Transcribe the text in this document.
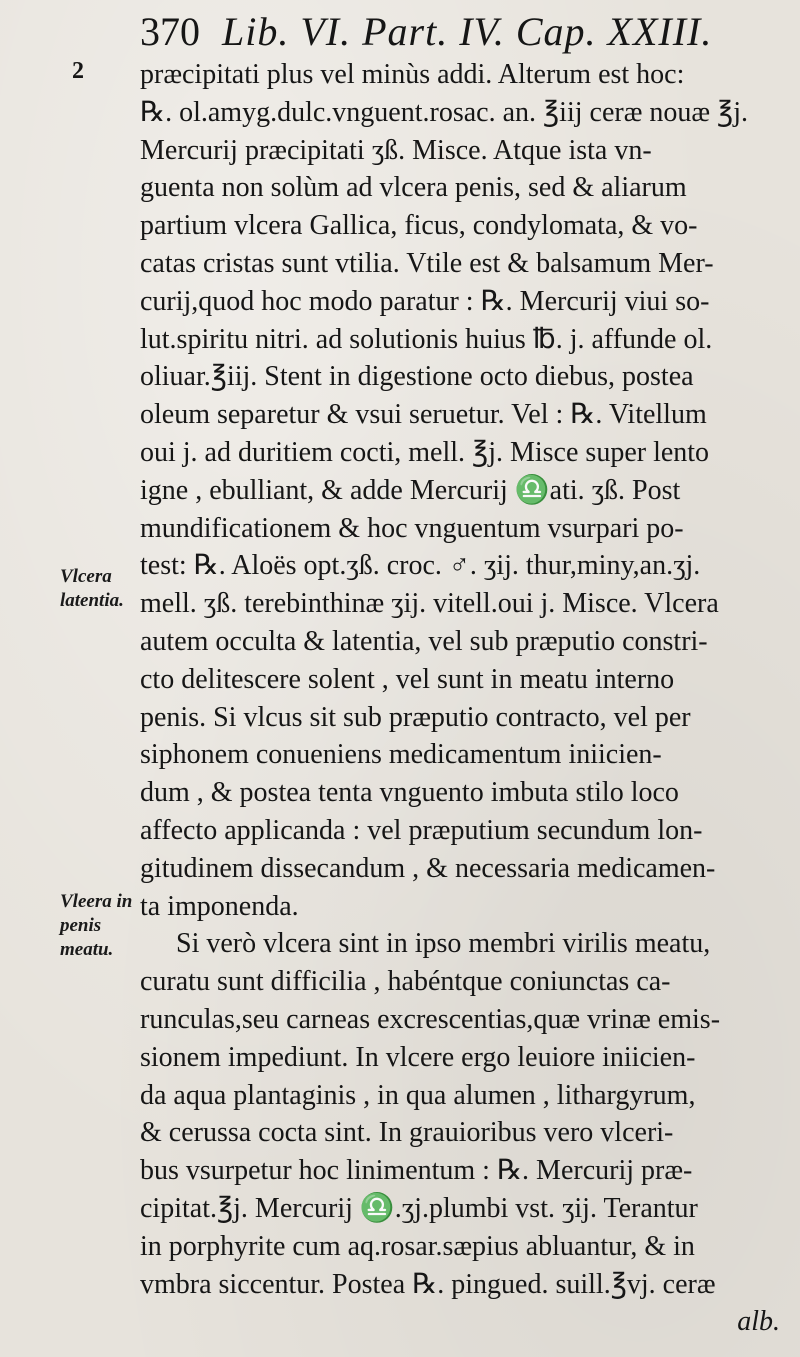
370 Lib. VI. Part. IV. Cap. XXIII.
2
Vlcera
latentia.
Vleera in
penis
meatu.
præcipitati plus vel minùs addi. Alterum est hoc:
℞. ol.amyg.dulc.vnguent.rosac. an. ℥iij ceræ nouæ ℥j.
Mercurij præcipitati ʒß. Misce. Atque ista vn-
guenta non solùm ad vlcera penis, sed & aliarum
partium vlcera Gallica, ficus, condylomata, & vo-
catas cristas sunt vtilia. Vtile est & balsamum Mer-
curij,quod hoc modo paratur : ℞. Mercurij viui so-
lut.spiritu nitri. ad solutionis huius ℔. j. affunde ol.
oliuar.℥iij. Stent in digestione octo diebus, postea
oleum separetur & vsui seruetur. Vel : ℞. Vitellum
oui j. ad duritiem cocti, mell. ℥j. Misce super lento
igne , ebulliant, & adde Mercurij ♎ati. ʒß. Post
mundificationem & hoc vnguentum vsurpari po-
test: ℞. Aloës opt.ʒß. croc. ♂. ʒij. thur,miny,an.ʒj.
mell. ʒß. terebinthinæ ʒij. vitell.oui j. Misce. Vlcera
autem occulta & latentia, vel sub præputio constri-
cto delitescere solent , vel sunt in meatu interno
penis. Si vlcus sit sub præputio contracto, vel per
siphonem conueniens medicamentum iniicien-
dum , & postea tenta vnguento imbuta stilo loco
affecto applicanda : vel præputium secundum lon-
gitudinem dissecandum , & necessaria medicamen-
ta imponenda.
Si verò vlcera sint in ipso membri virilis meatu,
curatu sunt difficilia , habéntque coniunctas ca-
runculas,seu carneas excrescentias,quæ vrinæ emis-
sionem impediunt. In vlcere ergo leuiore iniicien-
da aqua plantaginis , in qua alumen , lithargyrum,
& cerussa cocta sint. In grauioribus vero vlceri-
bus vsurpetur hoc linimentum : ℞. Mercurij præ-
cipitat.℥j. Mercurij ♎.ʒj.plumbi vst. ʒij. Terantur
in porphyrite cum aq.rosar.sæpius abluantur, & in
vmbra siccentur. Postea ℞. pingued. suill.℥vj. ceræ
alb.
